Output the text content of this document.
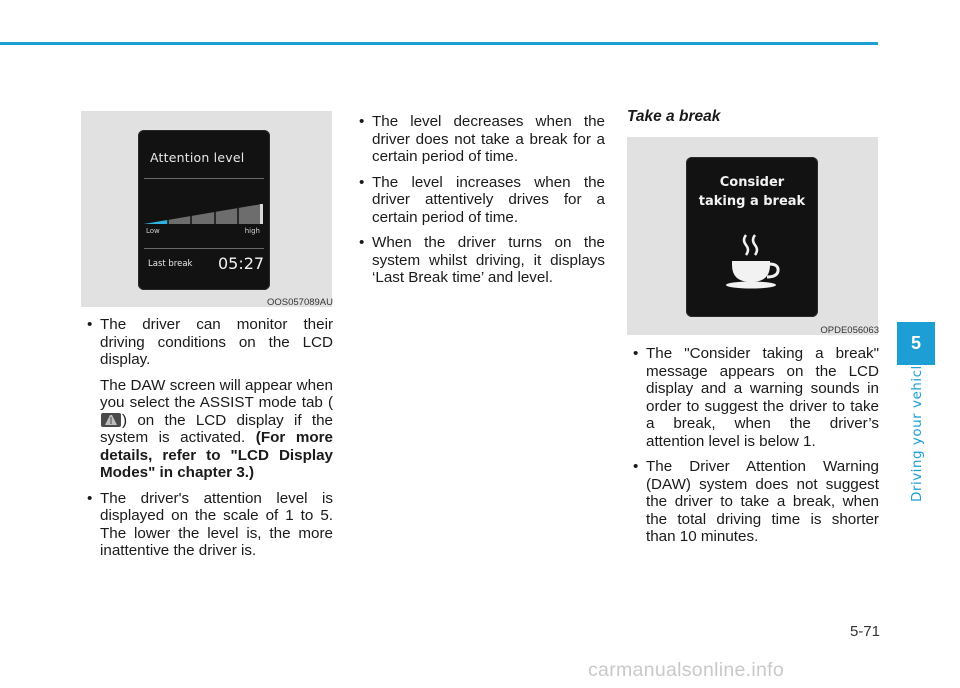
Attention level
Low	high
Last break 05:27
OOS057089AU
• The driver can monitor their driving conditions on the LCD display.
The DAW screen will appear when you select the ASSIST mode tab (
) on the LCD display if the system is activated. (For more details, refer to "LCD Display Modes" in chapter 3.)
• The driver's attention level is displayed on the scale of 1 to 5. The lower the level is, the more inattentive the driver is.
• The level decreases when the driver does not take a break for a certain period of time.
• The level increases when the driver attentively drives for a certain period of time.
• When the driver turns on the system whilst driving, it displays ‘Last Break time’ and level.
Take a break
Consider
taking a break
OPDE056063
• The "Consider taking a break" message appears on the LCD display and a warning sounds in order to suggest the driver to take a break, when the driver’s attention level is below 1.
• The Driver Attention Warning (DAW) system does not suggest the driver to take a break, when the total driving time is shorter than 10 minutes.
5
Driving your vehicle
5-71
carmanualsonline.info
